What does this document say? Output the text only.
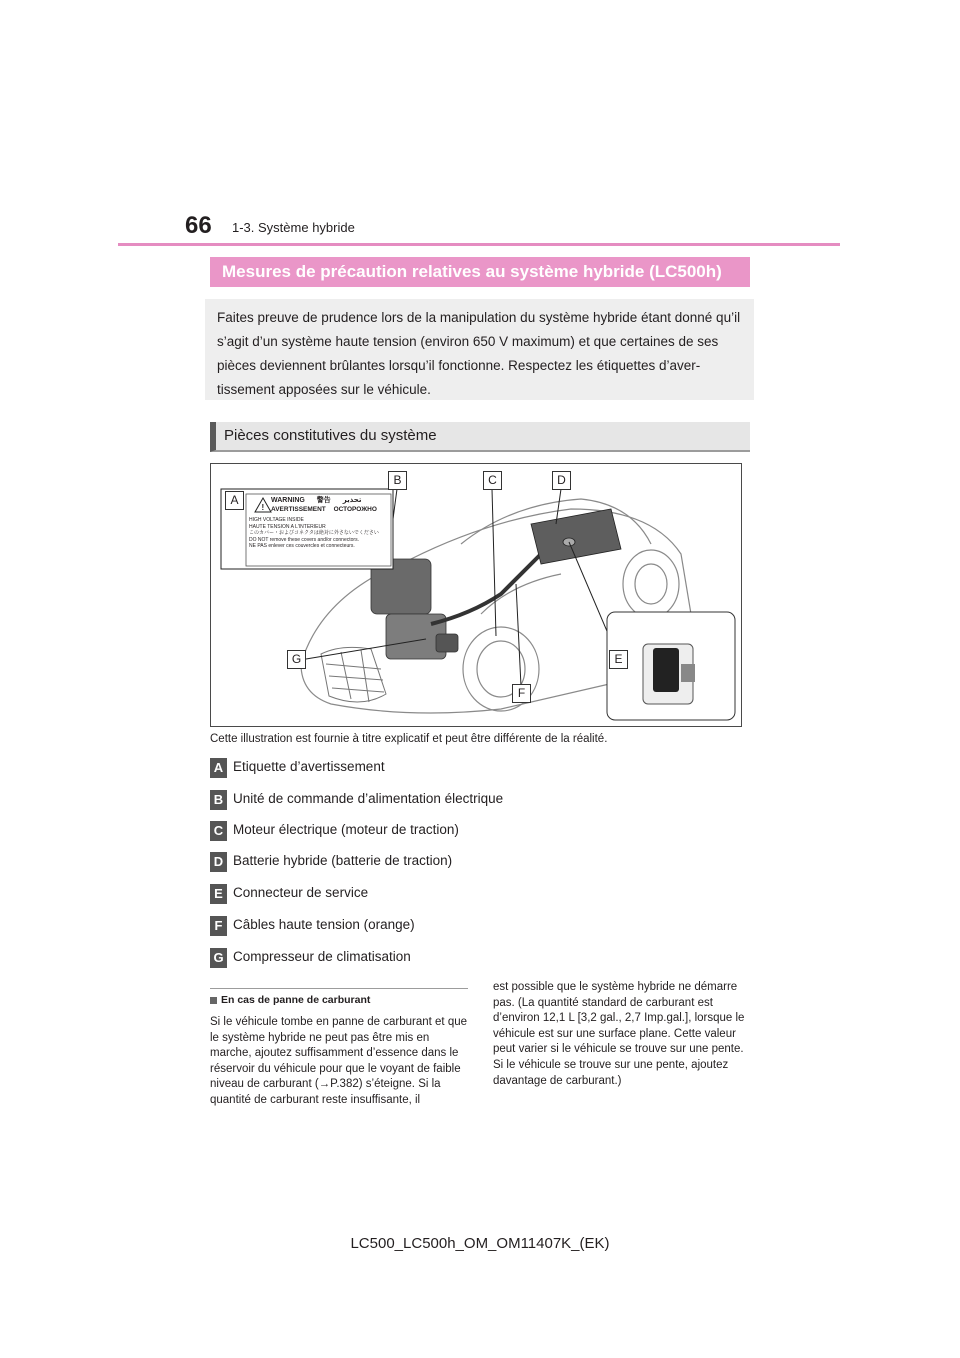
66 1-3. Système hybride
Mesures de précaution relatives au système hybride (LC500h)
Faites preuve de prudence lors de la manipulation du système hybride étant donné qu’il s’agit d’un système haute tension (environ 650 V maximum) et que certaines de ses pièces deviennent brûlantes lorsqu’il fonctionne. Respectez les étiquettes d’aver-tissement apposées sur le véhicule.
Pièces constitutives du système
!
WARNING 警告 تحذير
AVERTISSEMENT ОСТОРОЖНО
HIGH VOLTAGE INSIDE
HAUTE TENSION A L'INTERIEUR
このカバー・およびコネクタは絶対に外さないでください
DO NOT remove these covers and/or connectors.
NE PAS enlever ces couvercles et connecteurs.
A
B	C	D
E
F
G
Cette illustration est fournie à titre explicatif et peut être différente de la réalité.
A Etiquette d’avertissement
B Unité de commande d’alimentation électrique
C Moteur électrique (moteur de traction)
D Batterie hybride (batterie de traction)
E Connecteur de service
F Câbles haute tension (orange)
G Compresseur de climatisation
En cas de panne de carburant
Si le véhicule tombe en panne de carburant et que le système hybride ne peut pas être mis en marche, ajoutez suffisamment d’essence dans le réservoir du véhicule pour que le voyant de faible niveau de carburant (→P.382) s’éteigne. Si la quantité de carburant reste insuffisante, il
est possible que le système hybride ne démarre pas. (La quantité standard de carburant est d’environ 12,1 L [3,2 gal., 2,7 Imp.gal.], lorsque le véhicule est sur une surface plane. Cette valeur peut varier si le véhicule se trouve sur une pente. Si le véhicule se trouve sur une pente, ajoutez davantage de carburant.)
LC500_LC500h_OM_OM11407K_(EK)
